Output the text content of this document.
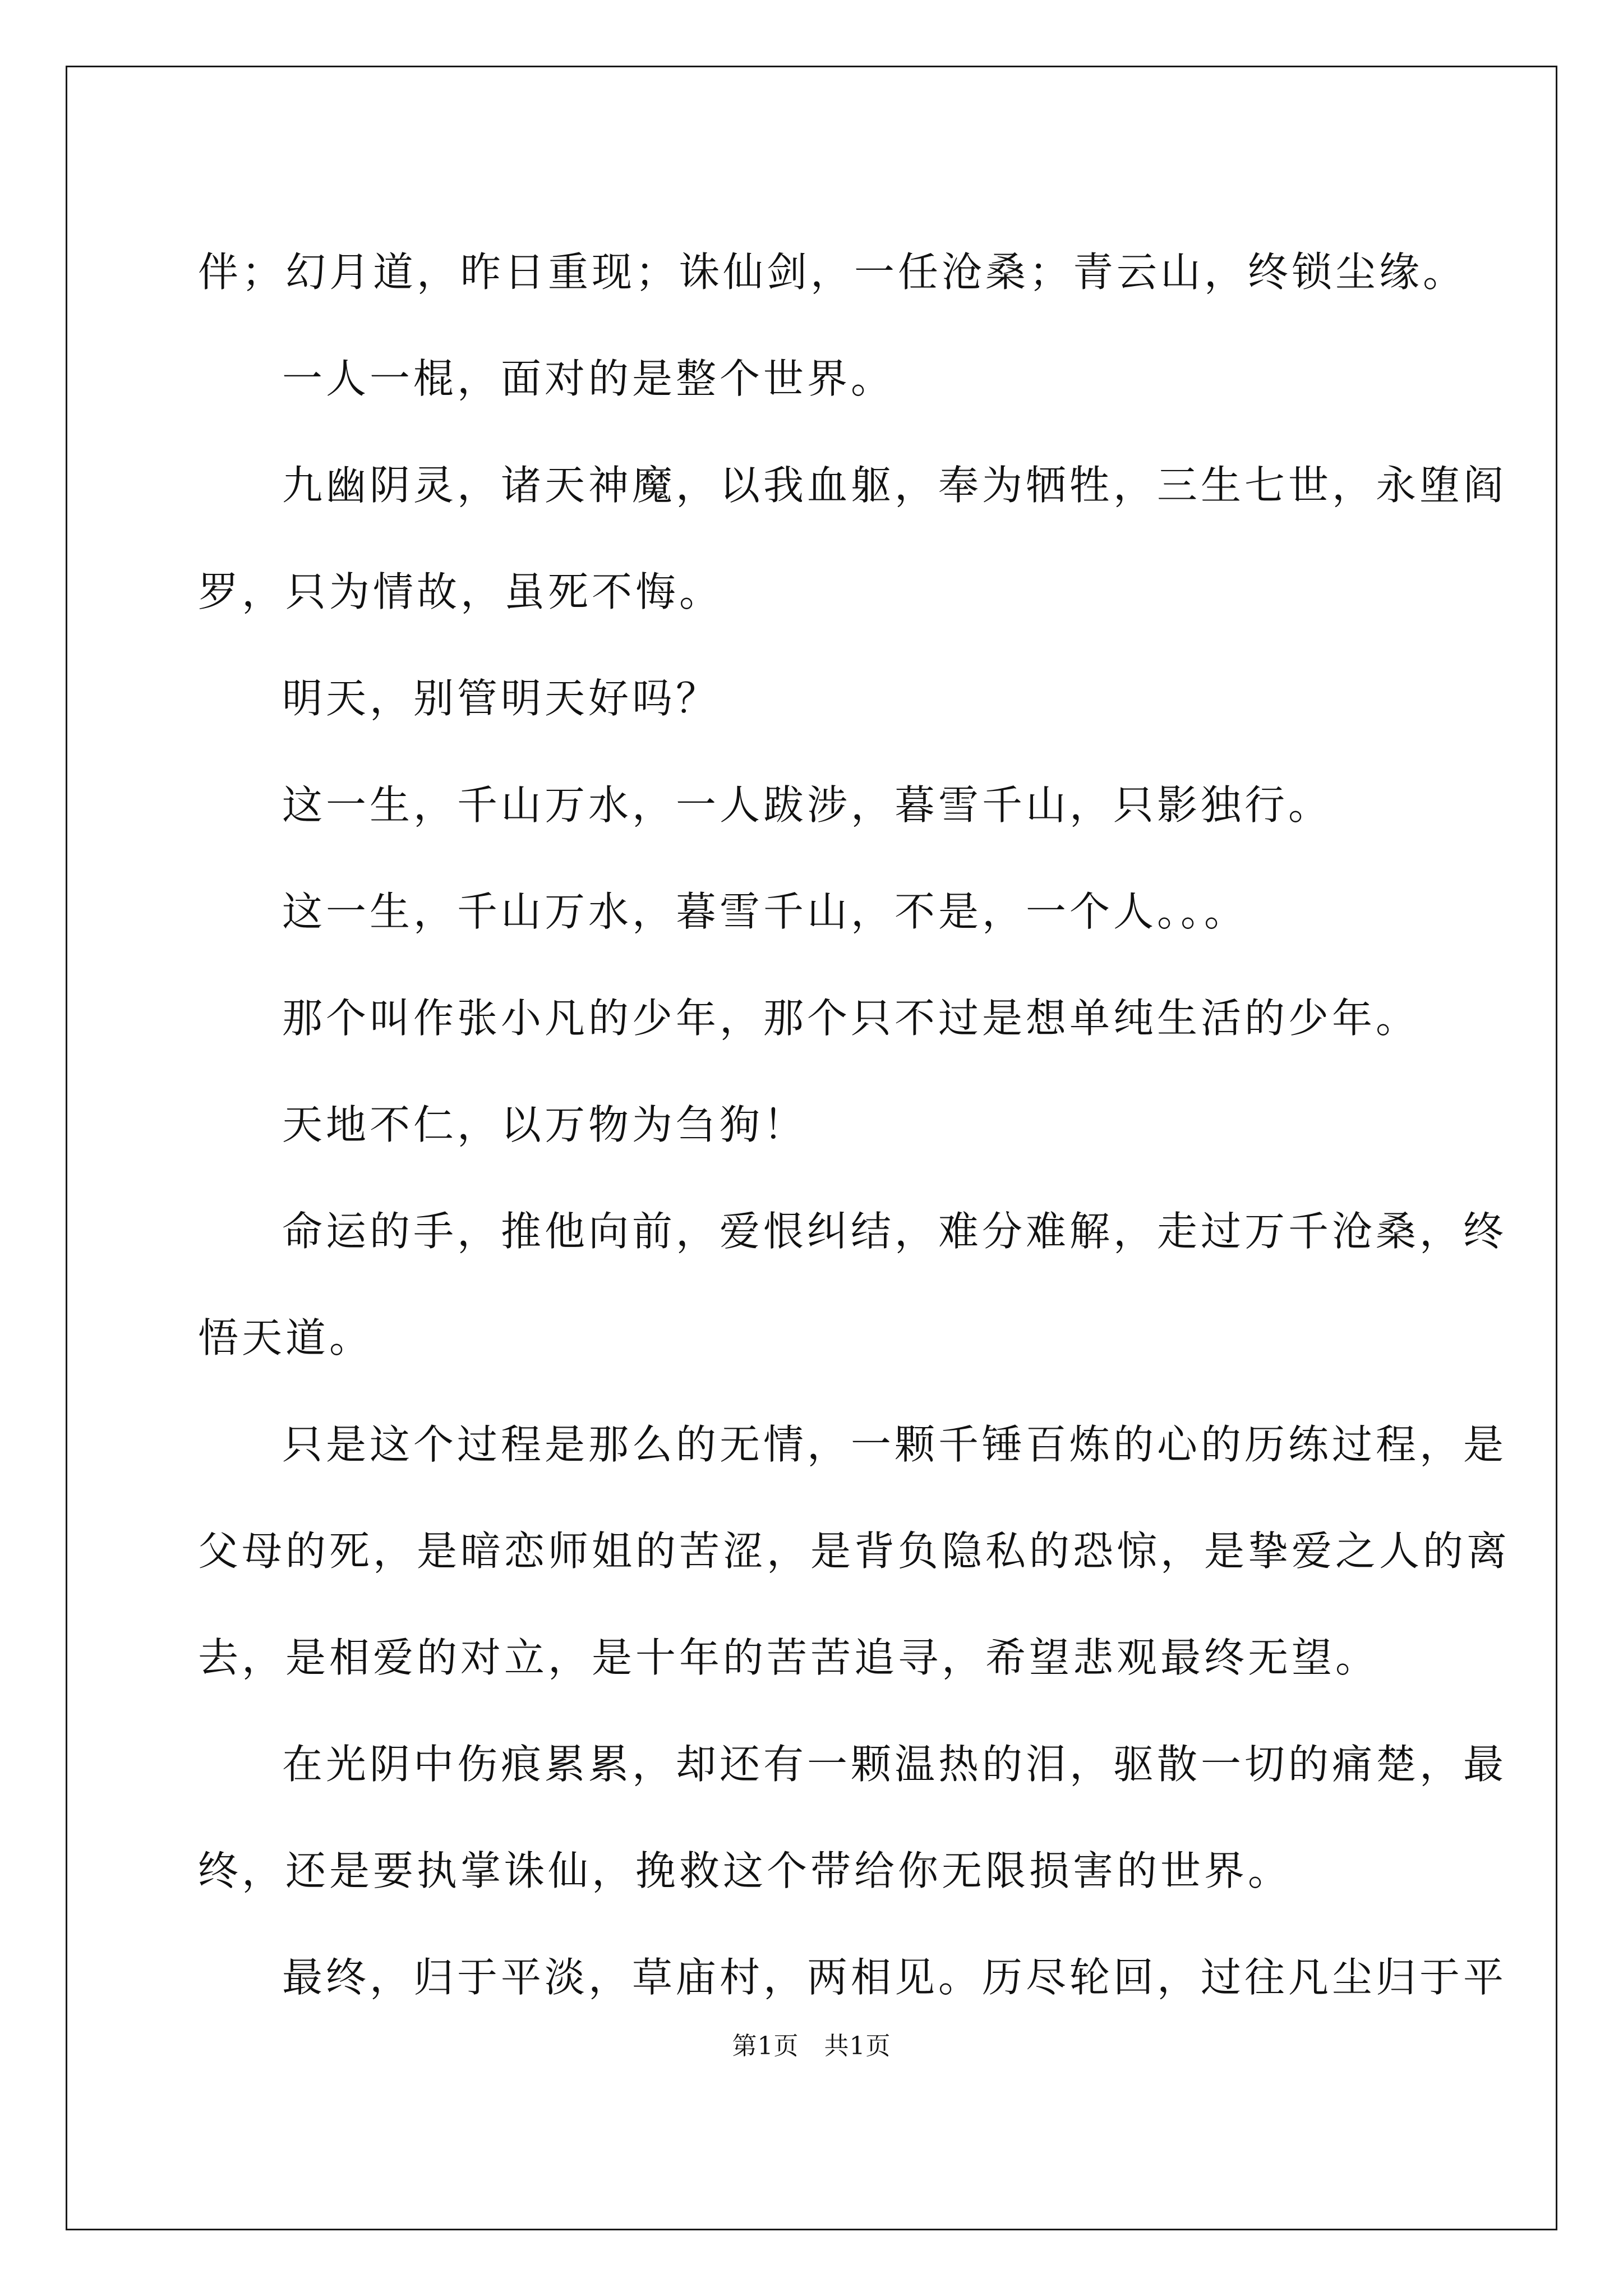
伴；幻月道，昨日重现；诛仙剑，一任沧桑；青云山，终锁尘缘。

一人一棍，面对的是整个世界。

九幽阴灵，诸天神魔，以我血躯，奉为牺牲，三生七世，永堕阎

罗，只为情故，虽死不悔。

明天，别管明天好吗？

这一生，千山万水，一人跋涉，暮雪千山，只影独行。

这一生，千山万水，暮雪千山，不是，一个人。。。

那个叫作张小凡的少年，那个只不过是想单纯生活的少年。

天地不仁，以万物为刍狗！

命运的手，推他向前，爱恨纠结，难分难解，走过万千沧桑，终

悟天道。

只是这个过程是那么的无情，一颗千锤百炼的心的历练过程，是

父母的死，是暗恋师姐的苦涩，是背负隐私的恐惊，是挚爱之人的离

去，是相爱的对立，是十年的苦苦追寻，希望悲观最终无望。

在光阴中伤痕累累，却还有一颗温热的泪，驱散一切的痛楚，最

终，还是要执掌诛仙，挽救这个带给你无限损害的世界。

最终，归于平淡，草庙村，两相见。历尽轮回，过往凡尘归于平

第1页　共1页
